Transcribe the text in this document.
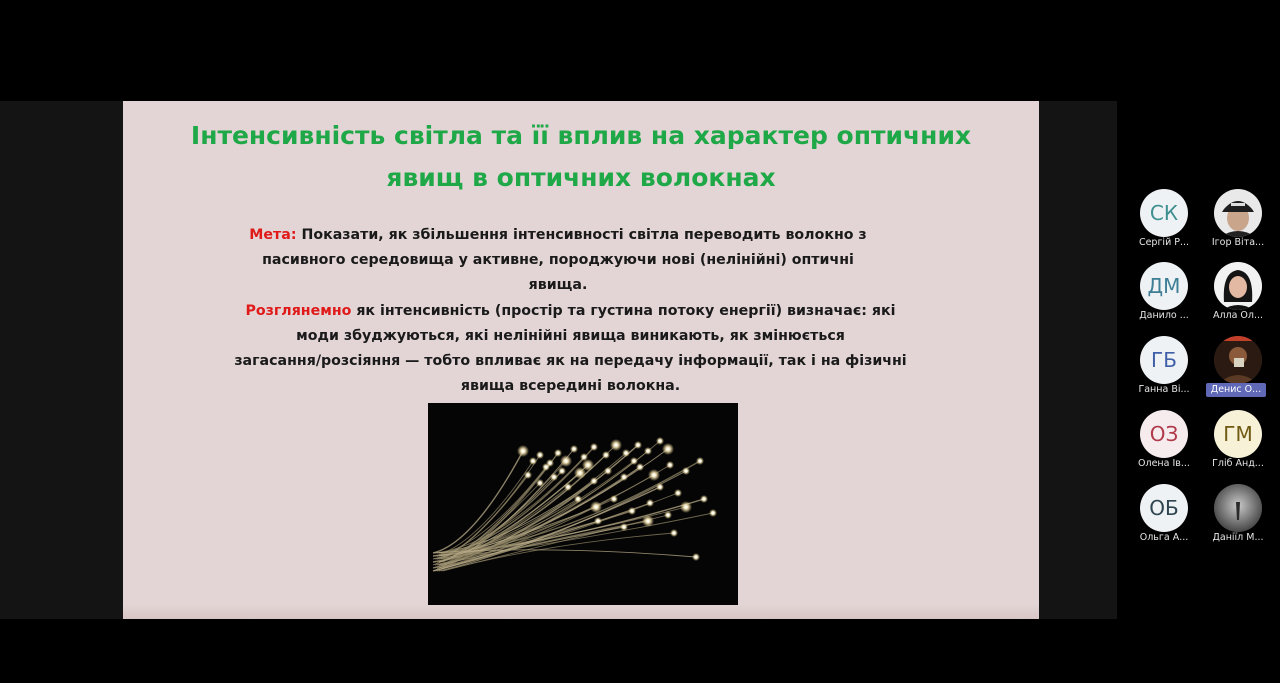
Інтенсивність світла та її вплив на характер оптичних
явищ в оптичних волокнах
Мета: Показати, як збільшення інтенсивності світла переводить волокно з
пасивного середовища у активне, породжуючи нові (нелінійні) оптичні явища.
Розглянемно як інтенсивність (простір та густина потоку енергії) визначає: які
моди збуджуються, які нелінійні явища виникають, як змінюється
загасання/розсіяння — тобто впливає як на передачу інформації, так і на фізичні
явища всередині волокна.
СК
Сергій Р...	Ігор Віта...
ДМ
Данило ...	Алла Ол...
ГБ
Ганна Ві...	Денис О...
ОЗ
Олена Ів...
ГМ
Гліб Анд...
ОБ
Ольга А...	Даніїл М...
